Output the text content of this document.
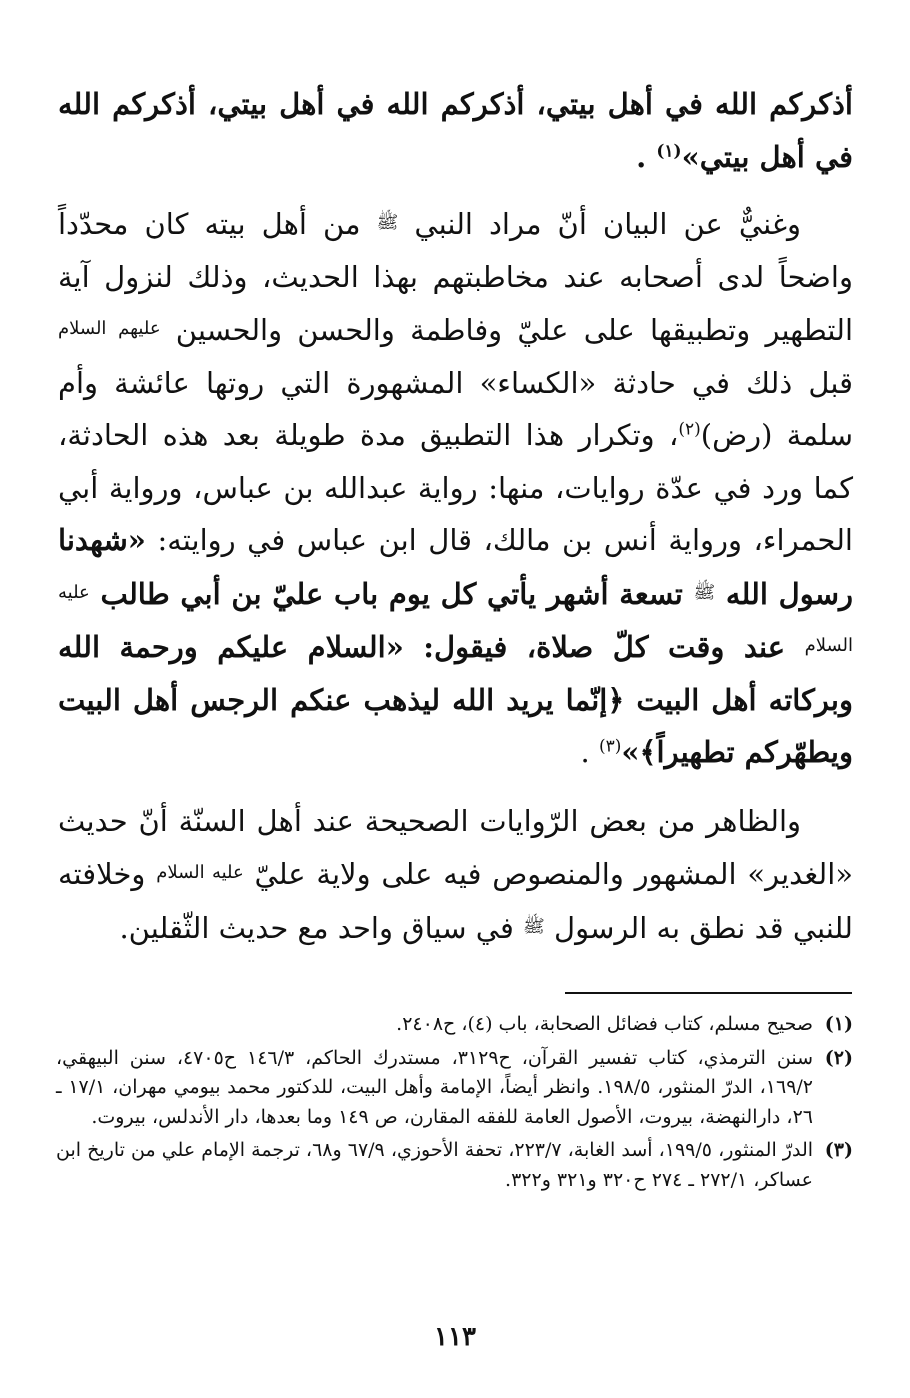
أذكركم الله في أهل بيتي، أذكركم الله في أهل بيتي، أذكركم الله في أهل بيتي»$^{(١)}$ .

وغنيٌّ عن البيان أنّ مراد النبي $^ﷺ$ من أهل بيته كان محدّداً واضحاً لدى أصحابه عند مخاطبتهم بهذا الحديث، وذلك لنزول آية التطهير وتطبيقها على عليّ وفاطمة والحسن والحسين $^{عليهم السلام}$ قبل ذلك في حادثة «الكساء» المشهورة التي روتها عائشة وأم سلمة (رض)$^{(٢)}$، وتكرار هذا التطبيق مدة طويلة بعد هذه الحادثة، كما ورد في عدّة روايات، منها: رواية عبدالله بن عباس، ورواية أبي الحمراء، ورواية أنس بن مالك، قال ابن عباس في روايته: «شهدنا رسول الله $^ﷺ$ تسعة أشهر يأتي كل يوم باب عليّ بن أبي طالب $^{عليه السلام}$ عند وقت كلّ صلاة، فيقول: «السلام عليكم ورحمة الله وبركاته أهل البيت ﴿إنّما يريد الله ليذهب عنكم الرجس أهل البيت ويطهّركم تطهيراً﴾»$^{(٣)}$ .

والظاهر من بعض الرّوايات الصحيحة عند أهل السنّة أنّ حديث «الغدير» المشهور والمنصوص فيه على ولاية عليّ $^{عليه السلام}$ وخلافته للنبي قد نطق به الرسول $^ﷺ$ في سياق واحد مع حديث الثّقلين.

(١)
صحيح مسلم، كتاب فضائل الصحابة، باب (٤)، ح٢٤٠٨.
(٢)
سنن الترمذي، كتاب تفسير القرآن، ح٣١٢٩، مستدرك الحاكم، ١٤٦/٣ ح٤٧٠٥، سنن البيهقي، ١٦٩/٢، الدرّ المنثور، ١٩٨/٥. وانظر أيضاً، الإمامة وأهل البيت، للدكتور محمد بيومي مهران، ١٧/١ ـ ٢٦، دارالنهضة، بيروت، الأصول العامة للفقه المقارن، ص ١٤٩ وما بعدها، دار الأندلس، بيروت.
(٣)
الدرّ المنثور، ١٩٩/٥، أسد الغابة، ٢٢٣/٧، تحفة الأحوزي، ٦٧/٩ و٦٨، ترجمة الإمام علي من تاريخ ابن عساكر، ٢٧٢/١ ـ ٢٧٤ ح٣٢٠ و٣٢١ و٣٢٢.
١١٣
